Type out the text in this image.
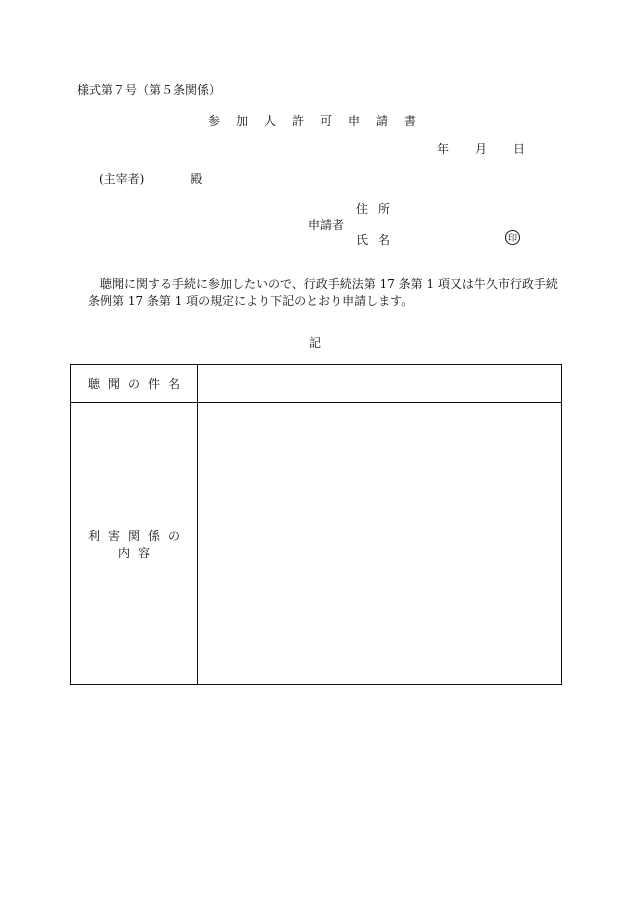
様式第７号（第５条関係）
参加人許可申請書
年 月 日
(主宰者)	殿
住所
申請者
氏名	印
聴聞に関する手続に参加したいので、行政手続法第 17 条第 1 項又は牛久市行政手続条例第 17 条第 1 項の規定により下記のとおり申請します。
記
聴聞の件名	
利害関係の内容	
